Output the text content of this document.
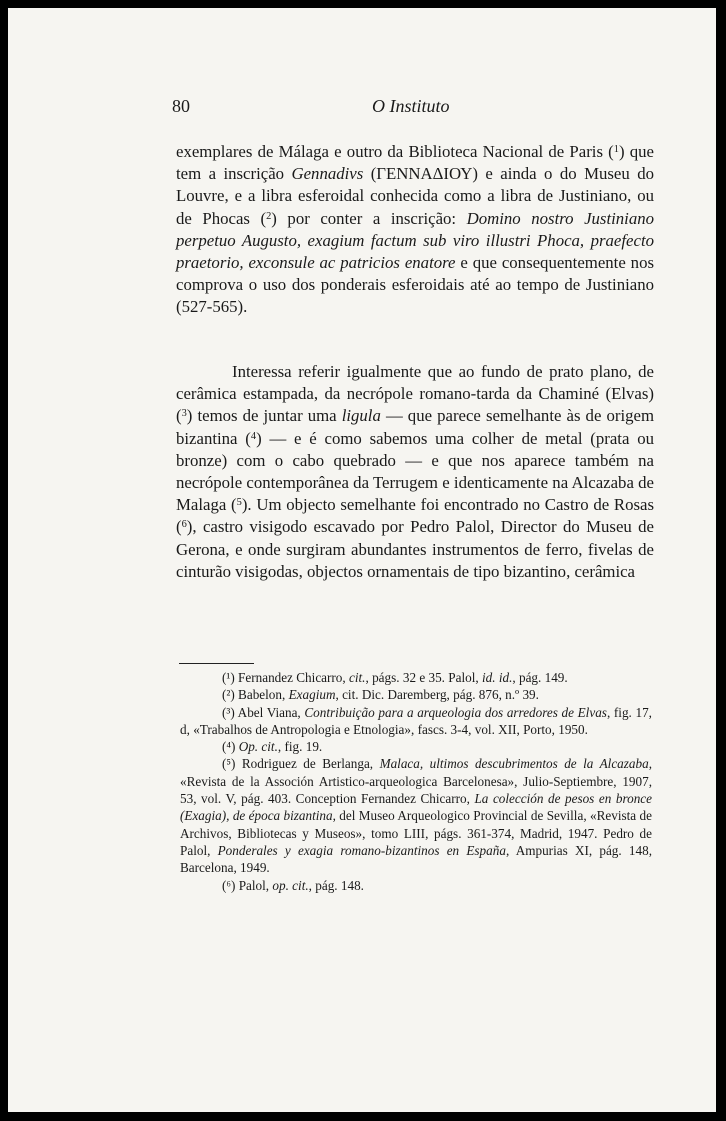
80	O Instituto
exemplares de Málaga e outro da Biblioteca Nacional de Paris ($^1$) que tem a inscrição Gennadivs (ΓΕΝΝΑΔΙΟΥ) e ainda o do Museu do Louvre, e a libra esferoidal conhecida como a libra de Justiniano, ou de Phocas ($^2$) por conter a inscrição: Domino nostro Justiniano perpetuo Augusto, exagium factum sub viro illustri Phoca, praefecto praetorio, exconsule ac patricios enatore e que consequentemente nos comprova o uso dos ponderais esferoidais até ao tempo de Justiniano (527-565).
Interessa referir igualmente que ao fundo de prato plano, de cerâmica estampada, da necrópole romano-tarda da Chaminé (Elvas) ($^3$) temos de juntar uma ligula — que parece semelhante às de origem bizantina ($^4$) — e é como sabemos uma colher de metal (prata ou bronze) com o cabo quebrado — e que nos aparece também na necrópole contemporânea da Terrugem e identicamente na Alcazaba de Malaga ($^5$). Um objecto semelhante foi encontrado no Castro de Rosas ($^6$), castro visigodo escavado por Pedro Palol, Director do Museu de Gerona, e onde surgiram abundantes instrumentos de ferro, fivelas de cinturão visigodas, objectos ornamentais de tipo bizantino, cerâmica

(¹) Fernandez Chicarro, cit., págs. 32 e 35. Palol, id. id., pág. 149.

(²) Babelon, Exagium, cit. Dic. Daremberg, pág. 876, n.º 39.

(³) Abel Viana, Contribuição para a arqueologia dos arredores de Elvas, fig. 17, d, «Trabalhos de Antropologia e Etnologia», fascs. 3-4, vol. XII, Porto, 1950.

(⁴) Op. cit., fig. 19.

(⁵) Rodriguez de Berlanga, Malaca, ultimos descubrimentos de la Alcazaba, «Revista de la Associón Artistico-arqueologica Barcelonesa», Julio-Septiembre, 1907, 53, vol. V, pág. 403. Conception Fernandez Chicarro, La colección de pesos en bronce (Exagia), de época bizantina, del Museo Arqueologico Provincial de Sevilla, «Revista de Archivos, Bibliotecas y Museos», tomo LIII, págs. 361-374, Madrid, 1947. Pedro de Palol, Ponderales y exagia romano-bizantinos en España, Ampurias XI, pág. 148, Barcelona, 1949.

(⁶) Palol, op. cit., pág. 148.
